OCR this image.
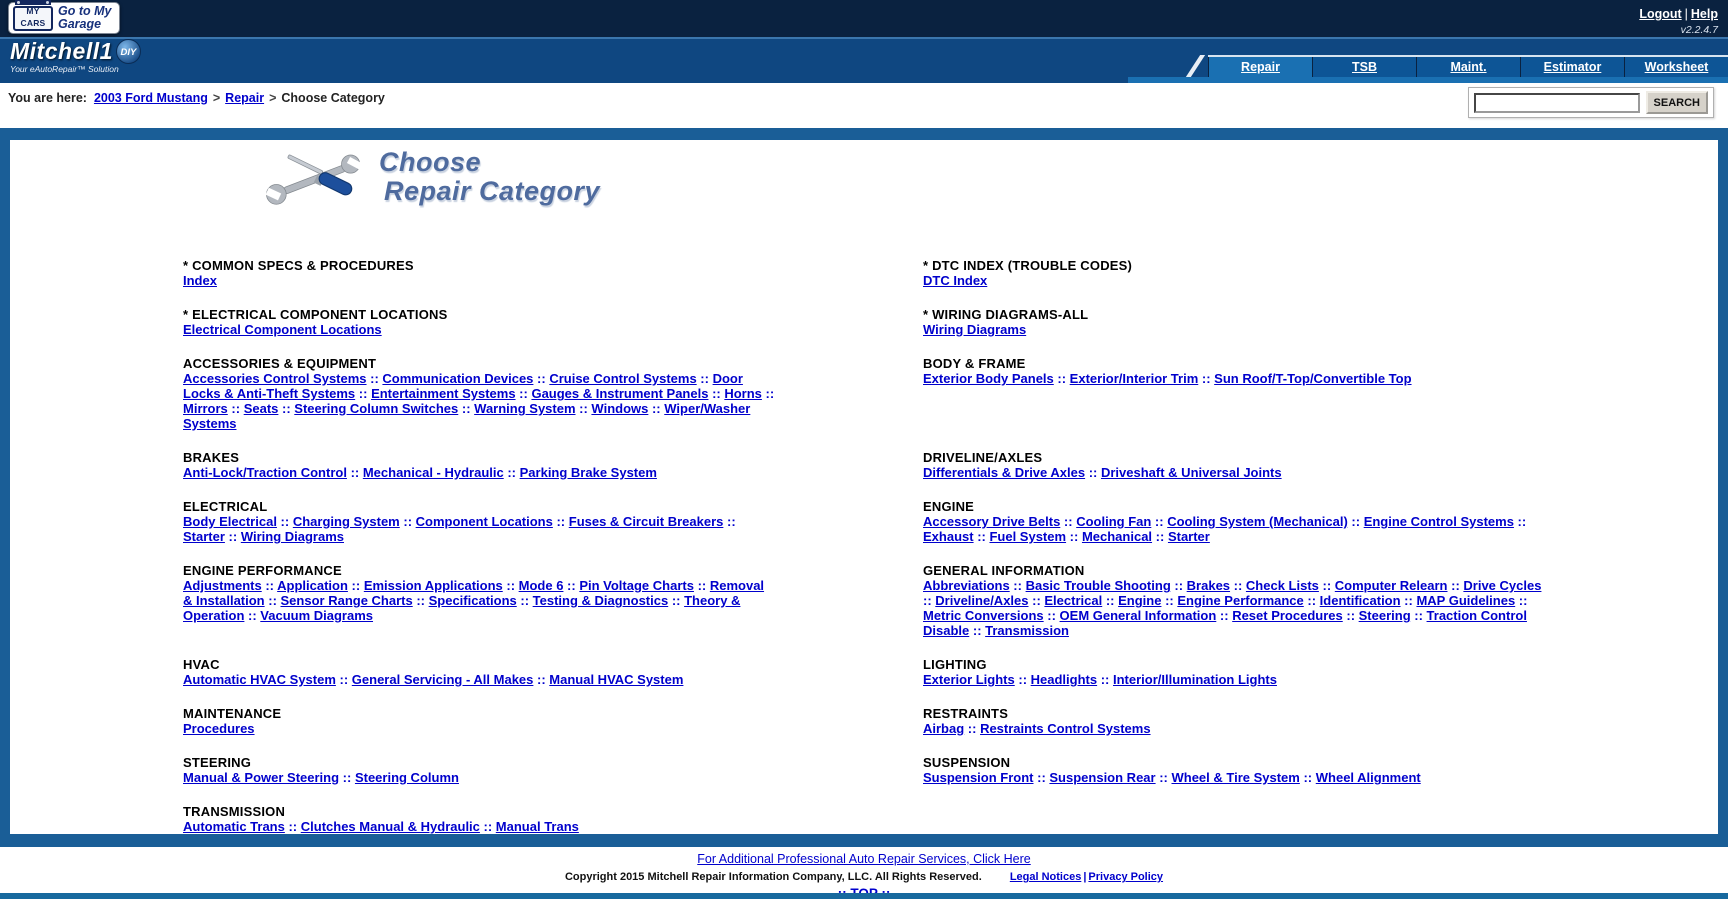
MY CARS
Go to My
Garage
Logout | Help
v2.2.4.7
Mitchell1 DIY
Your eAutoRepair™ Solution	Repair	TSB	Maint.	Estimator	Worksheet
You are here: 2003 Ford Mustang > Repair > Choose Category	SEARCH
Choose
Repair Category
* COMMON SPECS & PROCEDURES

Index

* DTC INDEX (TROUBLE CODES)

DTC Index

* ELECTRICAL COMPONENT LOCATIONS

Electrical Component Locations

* WIRING DIAGRAMS-ALL

Wiring Diagrams

ACCESSORIES & EQUIPMENT

Accessories Control Systems :: Communication Devices :: Cruise Control Systems :: Door Locks & Anti-Theft Systems :: Entertainment Systems :: Gauges & Instrument Panels :: Horns :: Mirrors :: Seats :: Steering Column Switches :: Warning System :: Windows :: Wiper/Washer Systems

BODY & FRAME

Exterior Body Panels :: Exterior/Interior Trim :: Sun Roof/T-Top/Convertible Top

BRAKES

Anti-Lock/Traction Control :: Mechanical - Hydraulic :: Parking Brake System

DRIVELINE/AXLES

Differentials & Drive Axles :: Driveshaft & Universal Joints

ELECTRICAL

Body Electrical :: Charging System :: Component Locations :: Fuses & Circuit Breakers :: Starter :: Wiring Diagrams

ENGINE

Accessory Drive Belts :: Cooling Fan :: Cooling System (Mechanical) :: Engine Control Systems :: Exhaust :: Fuel System :: Mechanical :: Starter

ENGINE PERFORMANCE

Adjustments :: Application :: Emission Applications :: Mode 6 :: Pin Voltage Charts :: Removal & Installation :: Sensor Range Charts :: Specifications :: Testing & Diagnostics :: Theory & Operation :: Vacuum Diagrams

GENERAL INFORMATION

Abbreviations :: Basic Trouble Shooting :: Brakes :: Check Lists :: Computer Relearn :: Drive Cycles :: Driveline/Axles :: Electrical :: Engine :: Engine Performance :: Identification :: MAP Guidelines :: Metric Conversions :: OEM General Information :: Reset Procedures :: Steering :: Traction Control Disable :: Transmission

HVAC

Automatic HVAC System :: General Servicing - All Makes :: Manual HVAC System

LIGHTING

Exterior Lights :: Headlights :: Interior/Illumination Lights

MAINTENANCE

Procedures

RESTRAINTS

Airbag :: Restraints Control Systems

STEERING

Manual & Power Steering :: Steering Column

SUSPENSION

Suspension Front :: Suspension Rear :: Wheel & Tire System :: Wheel Alignment

TRANSMISSION

Automatic Trans :: Clutches Manual & Hydraulic :: Manual Trans

For Additional Professional Auto Repair Services, Click Here
Copyright 2015 Mitchell Repair Information Company, LLC. All Rights Reserved.	Legal Notices | Privacy Policy
